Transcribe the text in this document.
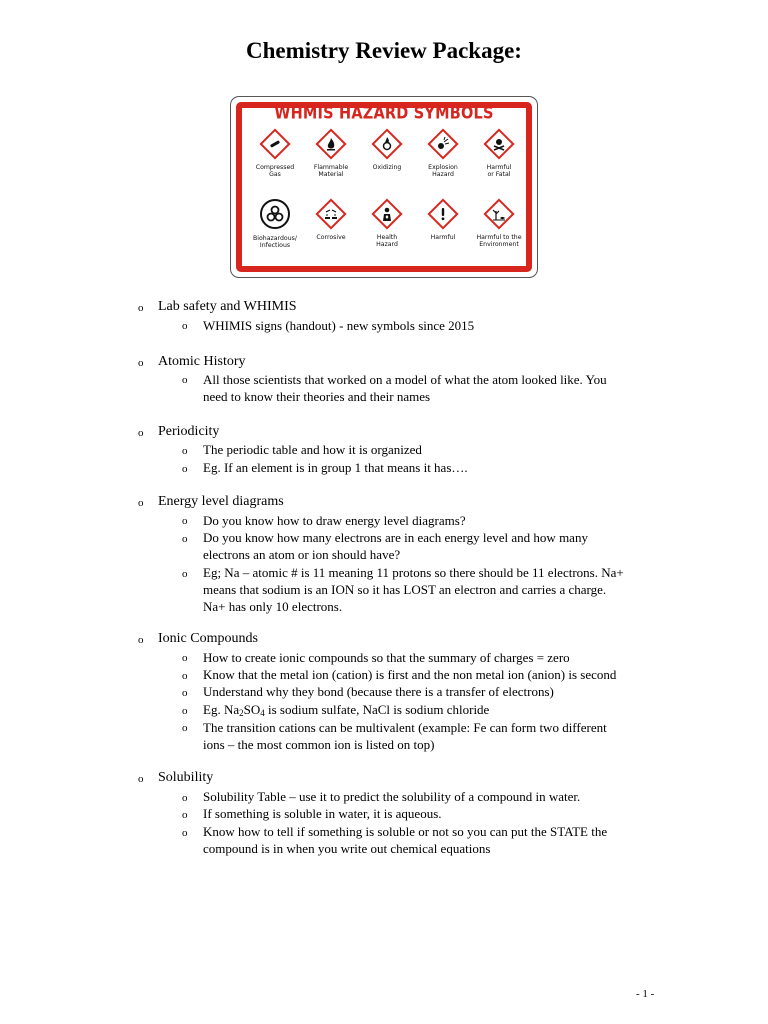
Chemistry Review Package:
WHMIS HAZARD SYMBOLS
Compressed
Gas
Flammable
Material
Oxidizing	Explosion
Hazard
Harmful
or Fatal
Biohazardous/
Infectious
Corrosive	Health
Hazard
Harmful	Harmful to the
Environment
o Lab safety and WHIMIS
o WHIMIS signs (handout) - new symbols since 2015
o Atomic History
o All those scientists that worked on a model of what the atom looked like. You
need to know their theories and their names
o Periodicity
o The periodic table and how it is organized
o Eg. If an element is in group 1 that means it has….
o Energy level diagrams
o Do you know how to draw energy level diagrams?
o Do you know how many electrons are in each energy level and how many
electrons an atom or ion should have?
o Eg; Na – atomic # is 11 meaning 11 protons so there should be 11 electrons. Na+
means that sodium is an ION so it has LOST an electron and carries a charge.
Na+ has only 10 electrons.
o Ionic Compounds
o How to create ionic compounds so that the summary of charges = zero
o Know that the metal ion (cation) is first and the non metal ion (anion) is second
o Understand why they bond (because there is a transfer of electrons)
o Eg. $Na_2SO_4$ is sodium sulfate, NaCl is sodium chloride
o The transition cations can be multivalent (example: Fe can form two different
ions – the most common ion is listed on top)
o Solubility
o Solubility Table – use it to predict the solubility of a compound in water.
o If something is soluble in water, it is aqueous.
o Know how to tell if something is soluble or not so you can put the STATE the
compound is in when you write out chemical equations
- 1 -
